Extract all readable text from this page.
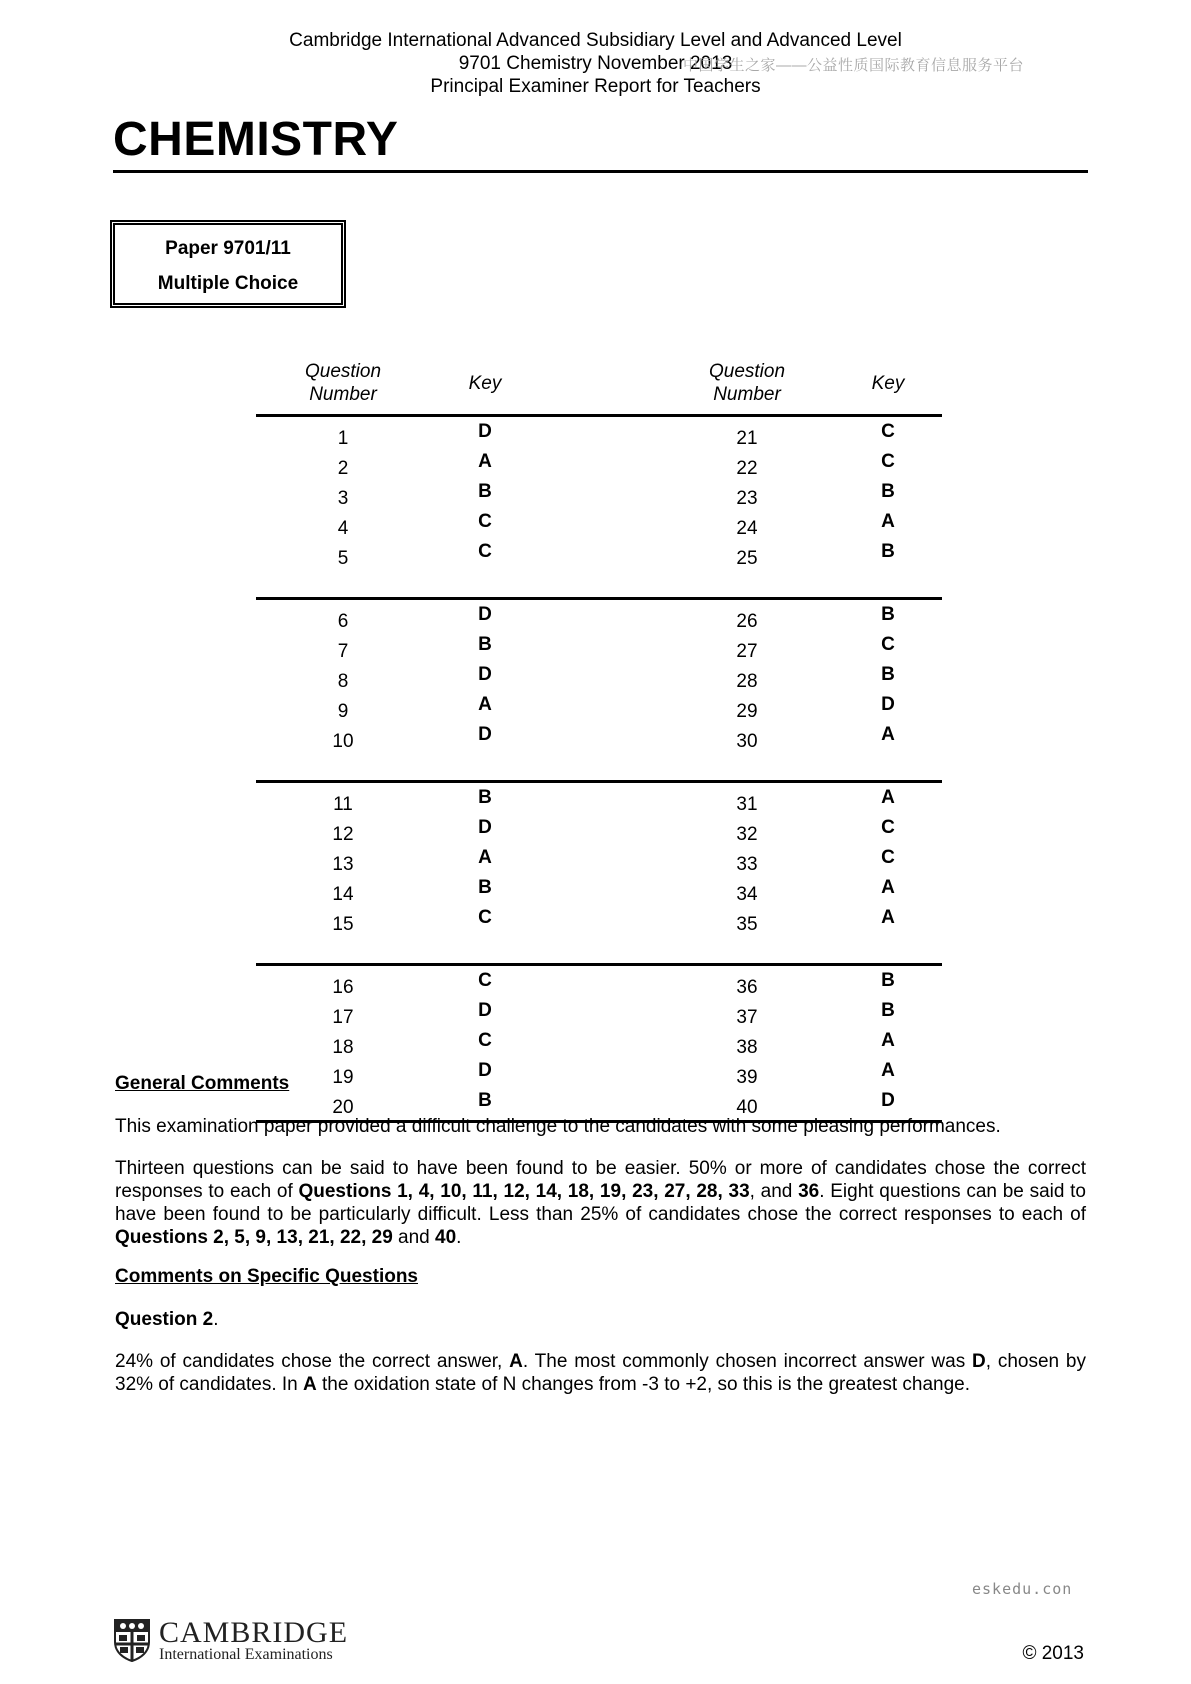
Cambridge International Advanced Subsidiary Level and Advanced Level
9701 Chemistry November 2013
Principal Examiner Report for Teachers
中国学生之家——公益性质国际教育信息服务平台
CHEMISTRY
Paper 9701/11
Multiple Choice
Question
Number	Key		Question
Number	Key
1	D		21	C
2	A		22	C
3	B		23	B
4	C		24	A
5	C		25	B

6	D		26	B
7	B		27	C
8	D		28	B
9	A		29	D
10	D		30	A

11	B		31	A
12	D		32	C
13	A		33	C
14	B		34	A
15	C		35	A

16	C		36	B
17	D		37	B
18	C		38	A
19	D		39	A
20	B		40	D
General Comments
This examination paper provided a difficult challenge to the candidates with some pleasing performances.
Thirteen questions can be said to have been found to be easier. 50% or more of candidates chose the correct responses to each of Questions 1, 4, 10, 11, 12, 14, 18, 19, 23, 27, 28, 33, and 36. Eight questions can be said to have been found to be particularly difficult. Less than 25% of candidates chose the correct responses to each of Questions 2, 5, 9, 13, 21, 22, 29 and 40.
Comments on Specific Questions
Question 2.
24% of candidates chose the correct answer, A. The most commonly chosen incorrect answer was D, chosen by 32% of candidates. In A the oxidation state of N changes from -3 to +2, so this is the greatest change.
eskedu.con
CAMBRIDGE
International Examinations	© 2013
